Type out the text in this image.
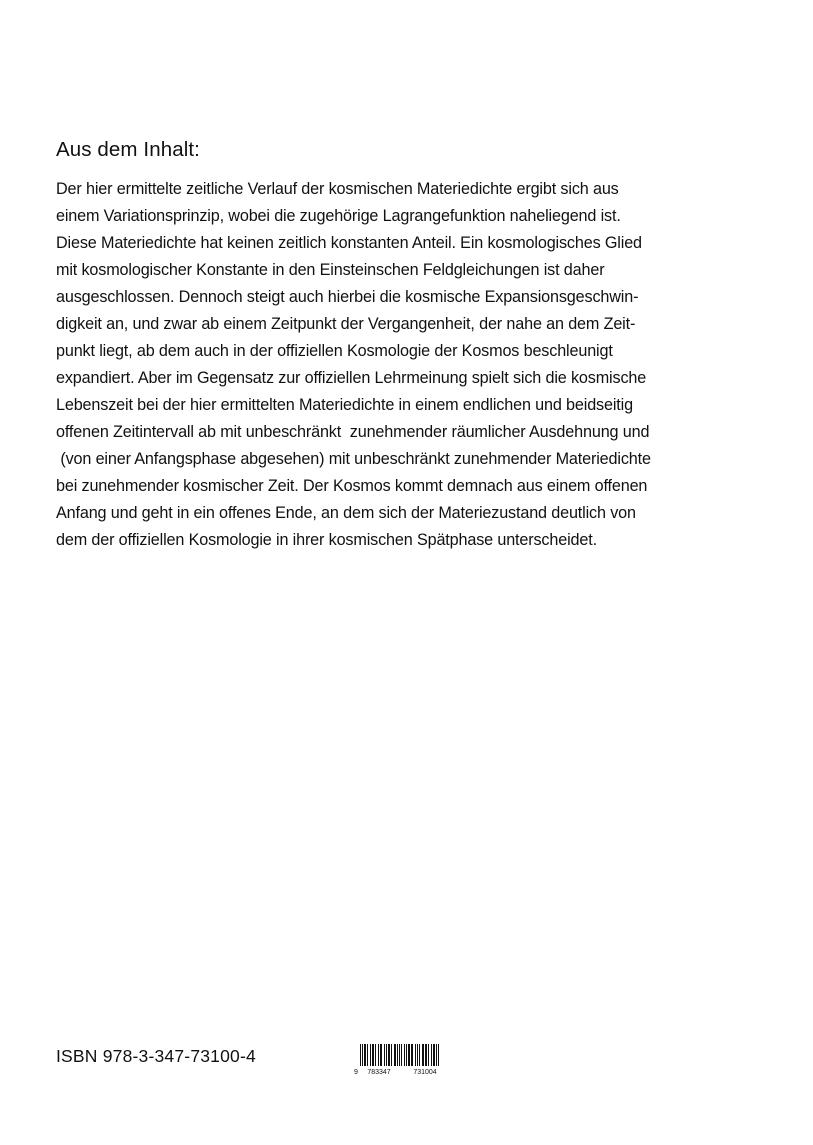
Aus dem Inhalt:
Der hier ermittelte zeitliche Verlauf der kosmischen Materiedichte ergibt sich aus
einem Variationsprinzip, wobei die zugehörige Lagrangefunktion naheliegend ist.
Diese Materiedichte hat keinen zeitlich konstanten Anteil. Ein kosmologisches Glied
mit kosmologischer Konstante in den Einsteinschen Feldgleichungen ist daher
ausgeschlossen. Dennoch steigt auch hierbei die kosmische Expansionsgeschwin-
digkeit an, und zwar ab einem Zeitpunkt der Vergangenheit, der nahe an dem Zeit-
punkt liegt, ab dem auch in der offiziellen Kosmologie der Kosmos beschleunigt
expandiert. Aber im Gegensatz zur offiziellen Lehrmeinung spielt sich die kosmische
Lebenszeit bei der hier ermittelten Materiedichte in einem endlichen und beidseitig
offenen Zeitintervall ab mit unbeschränkt  zunehmender räumlicher Ausdehnung und
(von einer Anfangsphase abgesehen) mit unbeschränkt zunehmender Materiedichte
bei zunehmender kosmischer Zeit. Der Kosmos kommt demnach aus einem offenen
Anfang und geht in ein offenes Ende, an dem sich der Materiezustand deutlich von
dem der offiziellen Kosmologie in ihrer kosmischen Spätphase unterscheidet.
ISBN 978-3-347-73100-4
9 783347	731004
